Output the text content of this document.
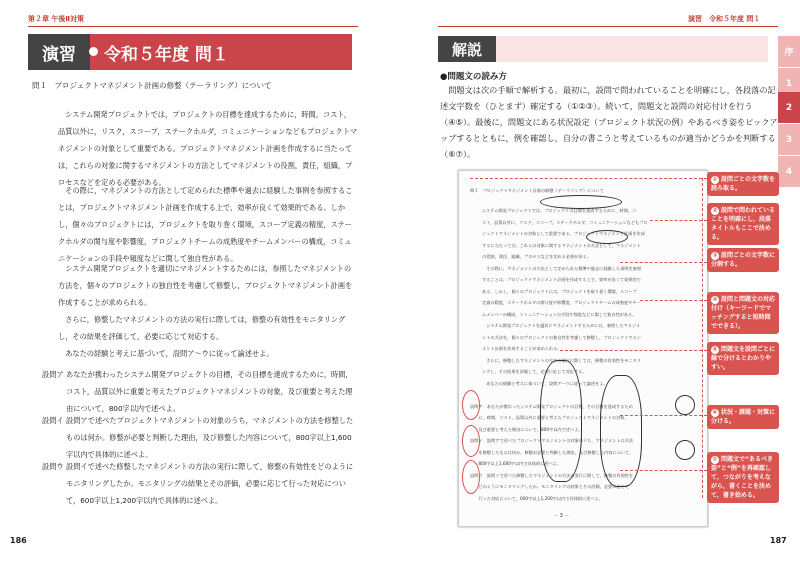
第２章 午後Ⅱ対策
演習	令和５年度 問１
問１　プロジェクトマネジメント計画の修整（テーラリング）について
　システム開発プロジェクトでは，プロジェクトの目標を達成するために，時間，コスト，品質以外に，リスク，スコープ，ステークホルダ，コミュニケーションなどもプロジェクトマネジメントの対象として重要である。プロジェクトマネジメント計画を作成するに当たっては，これらの対象に関するマネジメントの方法としてマネジメントの役割，責任，組織，プロセスなどを定める必要がある。
　その際に，マネジメントの方法として定められた標準や過去に経験した事例を参照することは，プロジェクトマネジメント計画を作成する上で，効率が良くて効果的である。しかし，個々のプロジェクトには，プロジェクトを取り巻く環境，スコープ定義の精度，ステークホルダの関与度や影響度，プロジェクトチームの成熟度やチームメンバーの構成，コミュニケーションの手段や頻度などに関して独自性がある。
　システム開発プロジェクトを適切にマネジメントするためには，参照したマネジメントの方法を，個々のプロジェクトの独自性を考慮して修整し，プロジェクトマネジメント計画を作成することが求められる。
　さらに，修整したマネジメントの方法の実行に際しては，修整の有効性をモニタリングし，その結果を評価して，必要に応じて対応する。
　あなたの経験と考えに基づいて，設問ア～ウに従って論述せよ。
設問ア あなたが携わったシステム開発プロジェクトの目標，その目標を達成するために，時間，コスト，品質以外に重要と考えたプロジェクトマネジメントの対象，及び重要と考えた理由について，800字以内で述べよ。
設問イ 設問アで述べたプロジェクトマネジメントの対象のうち，マネジメントの方法を修整したものは何か。修整が必要と判断した理由，及び修整した内容について，800字以上1,600字以内で具体的に述べよ。
設問ウ 設問イで述べた修整したマネジメントの方法の実行に際して，修整の有効性をどのようにモニタリングしたか。モニタリングの結果とその評価，必要に応じて行った対応について，600字以上1,200字以内で具体的に述べよ。
186
演習　令和５年度 問１
解説
●問題文の読み方
　問題文は次の手順で解析する。最初に，設問で問われていることを明確にし，各段落の記述文字数を（ひとまず）確定する（①②③）。続いて，問題文と設問の対応付けを行う（④⑤）。最後に，問題文にある状況設定（プロジェクト状況の例）やあるべき姿をピックアップするとともに，例を確認し，自分の書こうと考えているものが適当かどうかを判断する（⑥⑦）。
序
1
2
3
4
問１　プロジェクトマネジメント計画の修整（テーラリング）について
システム開発プロジェクトでは，プロジェクトの目標を達成するために，時間，コ
スト，品質以外に，リスク，スコープ，ステークホルダ，コミュニケーションなどもプロ
ジェクトマネジメントの対象として重要である。プロジェクトマネジメント計画を作成
するに当たっては，これらの対象に関するマネジメントの方法として，マネジメント
の役割，責任，組織，プロセスなどを定める必要がある。
　その際に，マネジメントの方法として定められた標準や過去に経験した事例を参照
することは，プロジェクトマネジメント計画を作成する上で，効率が良くて効果的で
ある。しかし，個々のプロジェクトには，プロジェクトを取り巻く環境，スコープ
定義の精度，ステークホルダの関与度や影響度，プロジェクトチームの成熟度やチー
ムメンバーの構成，コミュニケーションの手段や頻度などに関して独自性がある。
　システム開発プロジェクトを適切にマネジメントするためには，参照したマネジメ
ントの方法を，個々のプロジェクトの独自性を考慮して修整し，プロジェクトマネジ
メント計画を作成することが求められる。
　さらに，修整したマネジメントの方法の実行に際しては，修整の有効性をモニタリ
ングし，その結果を評価して，必要に応じて対応する。
　あなたの経験と考えに基づいて，設問ア～ウに従って論述せよ。
設問ア　あなたが携わったシステム開発プロジェクトの目標，その目標を達成するため
　　に，時間，コスト，品質以外に重要と考えたプロジェクトマネジメントの対象，
　　及び重要と考えた理由について，800字以内で述べよ。
設問イ　設問アで述べたプロジェクトマネジメントの対象のうち，マネジメントの方法
　　を修整したものは何か。修整が必要と判断した理由，及び修整した内容について，
　　800字以上1,600字以内で具体的に述べよ。
設問ウ　設問イで述べた修整したマネジメントの方法の実行に際して，修整の有効性を
　　どのようにモニタリングしたか。モニタリングの結果とその評価，必要に応じて
　　行った対応について，600字以上1,200字以内で具体的に述べよ。
－ 3 －
① 設問ごとの文字数を読み取る。
② 設問で問われていることを明確にし，段落タイトルもここで決める。
③ 設問ごとの文字数に分割する。
④ 設問と問題文の対応付け（キーワードでマッチングすると短時間でできる）。
⑤ 問題文を設問ごとに線で分けるとわかりやすい。
⑥ 状況・課題・対策に分ける。
⑦ 問題文で“あるべき姿”と“例”を再確認して，つながりを考えながら，書くことを決めて，書き始める。
187
